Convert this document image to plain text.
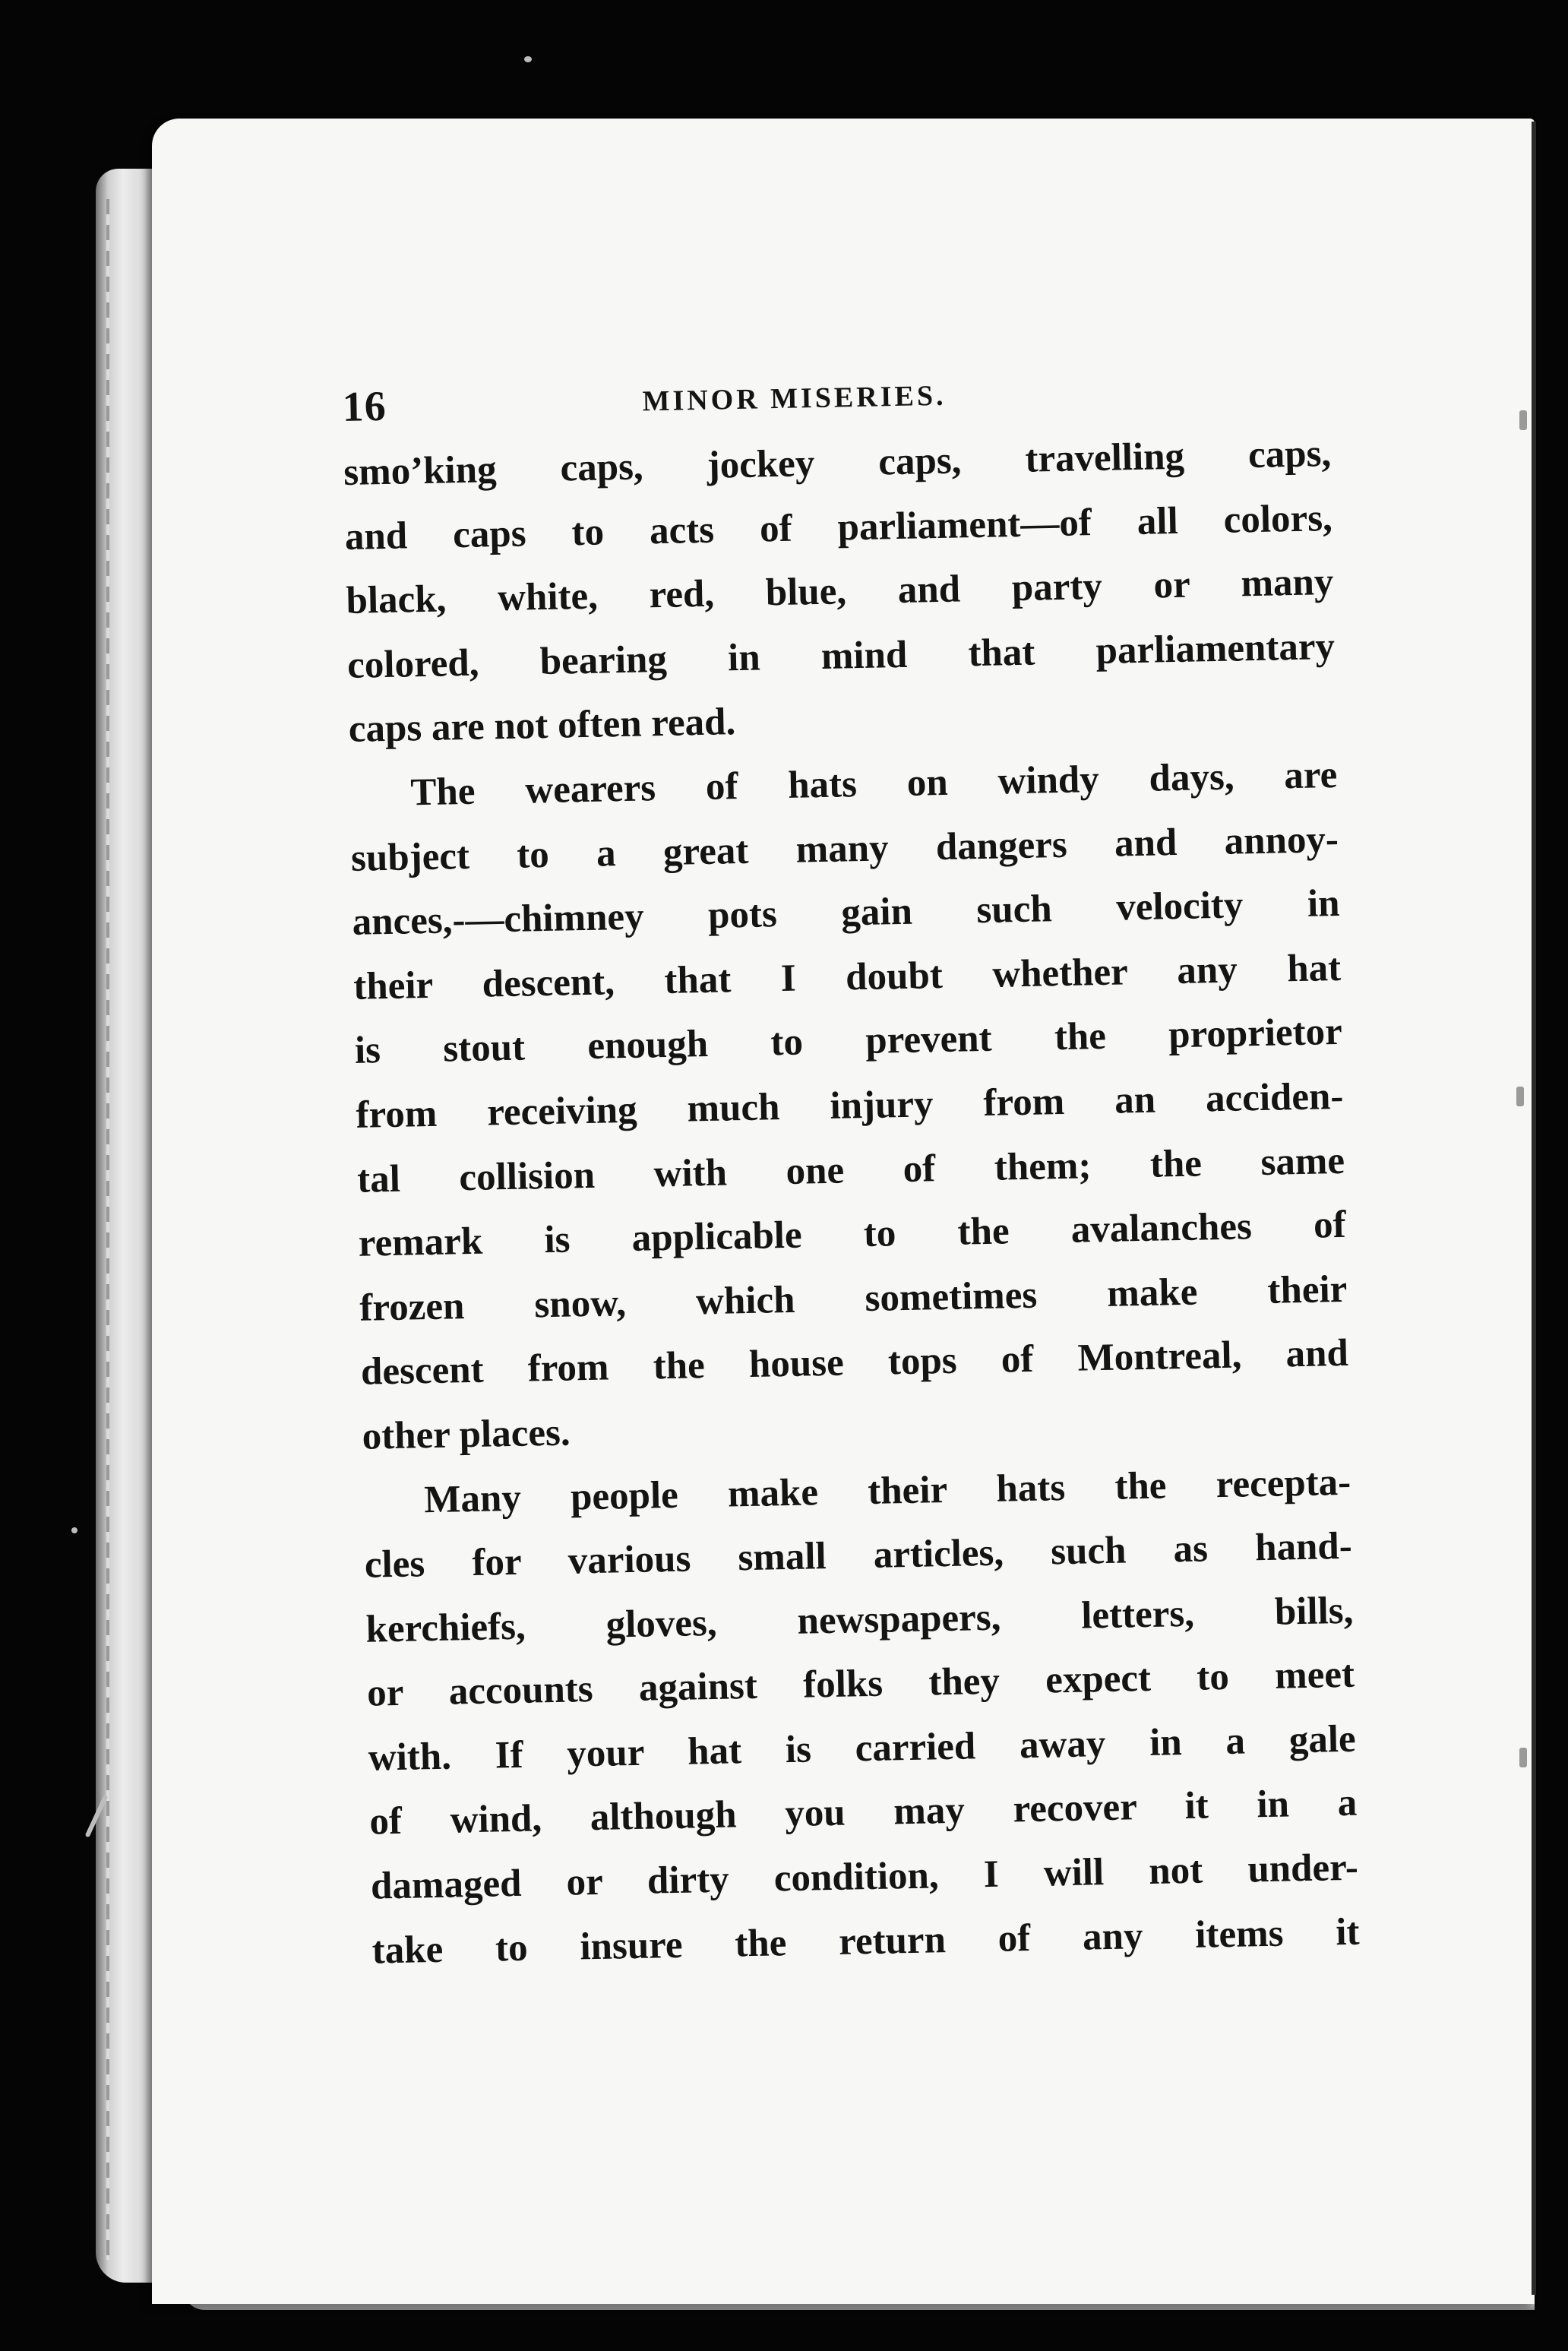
16	MINOR MISERIES.
smo’king caps, jockey caps, travelling caps,
and caps to acts of parliament—of all colors,
black, white, red, blue, and party or many
colored, bearing in mind that parliamentary
caps are not often read.
The wearers of hats on windy days, are
subject to a great many dangers and annoy-
ances,-—chimney pots gain such velocity in
their descent, that I doubt whether any hat
is stout enough to prevent the proprietor
from receiving much injury from an acciden-
tal collision with one of them; the same
remark is applicable to the avalanches of
frozen snow, which sometimes make their
descent from the house tops of Montreal, and
other places.
Many people make their hats the recepta-
cles for various small articles, such as hand-
kerchiefs, gloves, newspapers, letters, bills,
or accounts against folks they expect to meet
with. If your hat is carried away in a gale
of wind, although you may recover it in a
damaged or dirty condition, I will not under-
take to insure the return of any items it
